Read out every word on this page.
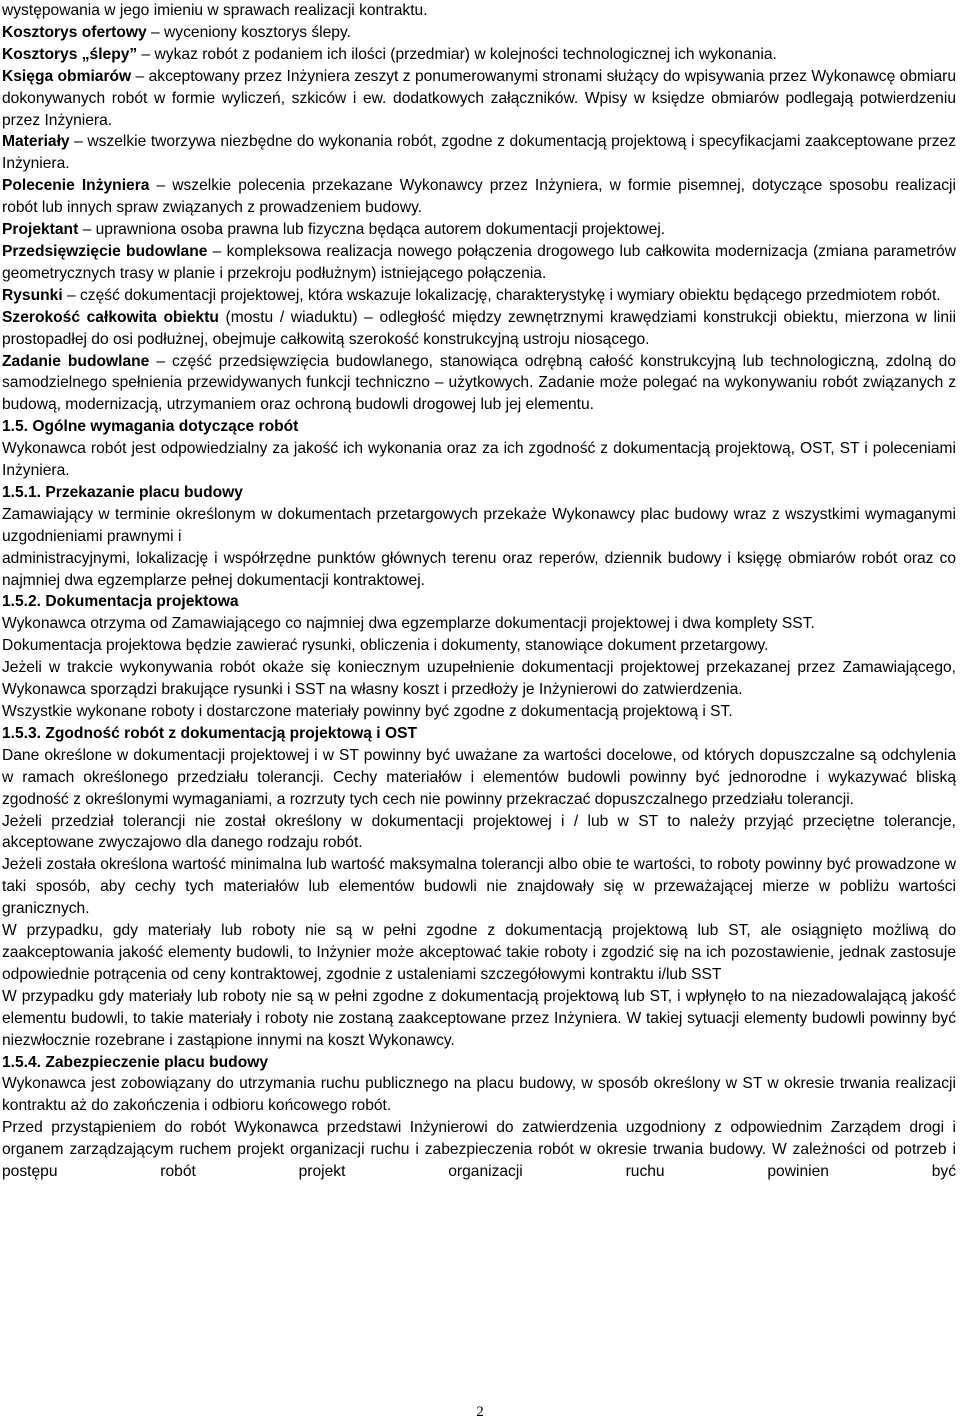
występowania w jego imieniu w sprawach realizacji kontraktu.

Kosztorys ofertowy – wyceniony kosztorys ślepy.

Kosztorys „ślepy” – wykaz robót z podaniem ich ilości (przedmiar) w kolejności technologicznej ich wykonania.

Księga obmiarów – akceptowany przez Inżyniera zeszyt z ponumerowanymi stronami służący do wpisywania przez Wykonawcę obmiaru dokonywanych robót w formie wyliczeń, szkiców i ew. dodatkowych załączników. Wpisy w księdze obmiarów podlegają potwierdzeniu przez Inżyniera.

Materiały – wszelkie tworzywa niezbędne do wykonania robót, zgodne z dokumentacją projektową i specyfikacjami zaakceptowane przez Inżyniera.

Polecenie Inżyniera – wszelkie polecenia przekazane Wykonawcy przez Inżyniera, w formie pisemnej, dotyczące sposobu realizacji robót lub innych spraw związanych z prowadzeniem budowy.

Projektant – uprawniona osoba prawna lub fizyczna będąca autorem dokumentacji projektowej.

Przedsięwzięcie budowlane – kompleksowa realizacja nowego połączenia drogowego lub całkowita modernizacja (zmiana parametrów geometrycznych trasy w planie i przekroju podłużnym) istniejącego połączenia.

Rysunki – część dokumentacji projektowej, która wskazuje lokalizację, charakterystykę i wymiary obiektu będącego przedmiotem robót.

Szerokość całkowita obiektu (mostu / wiaduktu) – odległość między zewnętrznymi krawędziami konstrukcji obiektu, mierzona w linii prostopadłej do osi podłużnej, obejmuje całkowitą szerokość konstrukcyjną ustroju niosącego.

Zadanie budowlane – część przedsięwzięcia budowlanego, stanowiąca odrębną całość konstrukcyjną lub technologiczną, zdolną do samodzielnego spełnienia przewidywanych funkcji techniczno – użytkowych. Zadanie może polegać na wykonywaniu robót związanych z budową, modernizacją, utrzymaniem oraz ochroną budowli drogowej lub jej elementu.

1.5. Ogólne wymagania dotyczące robót

Wykonawca robót jest odpowiedzialny za jakość ich wykonania oraz za ich zgodność z dokumentacją projektową, OST, ST i poleceniami Inżyniera.

1.5.1. Przekazanie placu budowy

Zamawiający w terminie określonym w dokumentach przetargowych przekaże Wykonawcy plac budowy wraz z wszystkimi wymaganymi uzgodnieniami prawnymi i

administracyjnymi, lokalizację i współrzędne punktów głównych terenu oraz reperów, dziennik budowy i księgę obmiarów robót oraz co najmniej dwa egzemplarze pełnej dokumentacji kontraktowej.

1.5.2. Dokumentacja projektowa

Wykonawca otrzyma od Zamawiającego co najmniej dwa egzemplarze dokumentacji projektowej i dwa komplety SST.

Dokumentacja projektowa będzie zawierać rysunki, obliczenia i dokumenty, stanowiące dokument przetargowy.

Jeżeli w trakcie wykonywania robót okaże się koniecznym uzupełnienie dokumentacji projektowej przekazanej przez Zamawiającego, Wykonawca sporządzi brakujące rysunki i SST na własny koszt i przedłoży je Inżynierowi do zatwierdzenia.

Wszystkie wykonane roboty i dostarczone materiały powinny być zgodne z dokumentacją projektową i ST.

1.5.3. Zgodność robót z dokumentacją projektową i OST

Dane określone w dokumentacji projektowej i w ST powinny być uważane za wartości docelowe, od których dopuszczalne są odchylenia w ramach określonego przedziału tolerancji. Cechy materiałów i elementów budowli powinny być jednorodne i wykazywać bliską zgodność z określonymi wymaganiami, a rozrzuty tych cech nie powinny przekraczać dopuszczalnego przedziału tolerancji.

Jeżeli przedział tolerancji nie został określony w dokumentacji projektowej i / lub w ST to należy przyjąć przeciętne tolerancje, akceptowane zwyczajowo dla danego rodzaju robót.

Jeżeli została określona wartość minimalna lub wartość maksymalna tolerancji albo obie te wartości, to roboty powinny być prowadzone w taki sposób, aby cechy tych materiałów lub elementów budowli nie znajdowały się w przeważającej mierze w pobliżu wartości granicznych.

W przypadku, gdy materiały lub roboty nie są w pełni zgodne z dokumentacją projektową lub ST, ale osiągnięto możliwą do zaakceptowania jakość elementy budowli, to Inżynier może akceptować takie roboty i zgodzić się na ich pozostawienie, jednak zastosuje odpowiednie potrącenia od ceny kontraktowej, zgodnie z ustaleniami szczegółowymi kontraktu i/lub SST

W przypadku gdy materiały lub roboty nie są w pełni zgodne z dokumentacją projektową lub ST, i wpłynęło to na niezadowalającą jakość elementu budowli, to takie materiały i roboty nie zostaną zaakceptowane przez Inżyniera. W takiej sytuacji elementy budowli powinny być niezwłocznie rozebrane i zastąpione innymi na koszt Wykonawcy.

1.5.4. Zabezpieczenie placu budowy

Wykonawca jest zobowiązany do utrzymania ruchu publicznego na placu budowy, w sposób określony w ST w okresie trwania realizacji kontraktu aż do zakończenia i odbioru końcowego robót.

Przed przystąpieniem do robót Wykonawca przedstawi Inżynierowi do zatwierdzenia uzgodniony z odpowiednim Zarządem drogi i organem zarządzającym ruchem projekt organizacji ruchu i zabezpieczenia robót w okresie trwania budowy. W zależności od potrzeb i postępu robót projekt organizacji ruchu powinien być

2
